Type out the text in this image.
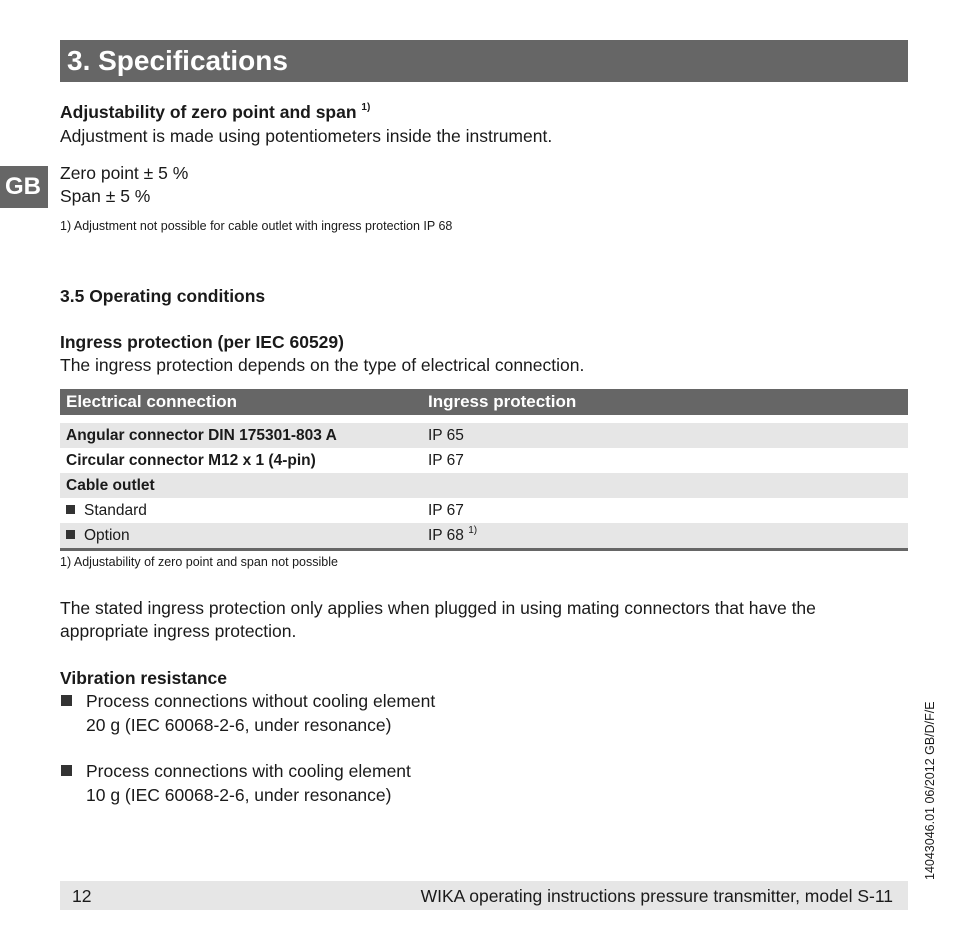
3. Specifications
GB
Adjustability of zero point and span $^{1)}$
Adjustment is made using potentiometers inside the instrument.
Zero point ± 5 %
Span ± 5 %
1) Adjustment not possible for cable outlet with ingress protection IP 68
3.5 Operating conditions
Ingress protection (per IEC 60529)
The ingress protection depends on the type of electrical connection.
Electrical connection	Ingress protection
Angular connector DIN 175301-803 A	IP 65
Circular connector M12 x 1 (4-pin)	IP 67
Cable outlet
Standard	IP 67
Option	IP 68 $^{1)}$
1) Adjustability of zero point and span not possible
The stated ingress protection only applies when plugged in using mating connectors that have the
appropriate ingress protection.
Vibration resistance
Process connections without cooling element
20 g (IEC 60068-2-6, under resonance)
Process connections with cooling element
10 g (IEC 60068-2-6, under resonance)	14043046.01 06/2012 GB/D/F/E
12	WIKA operating instructions pressure transmitter, model S-11
